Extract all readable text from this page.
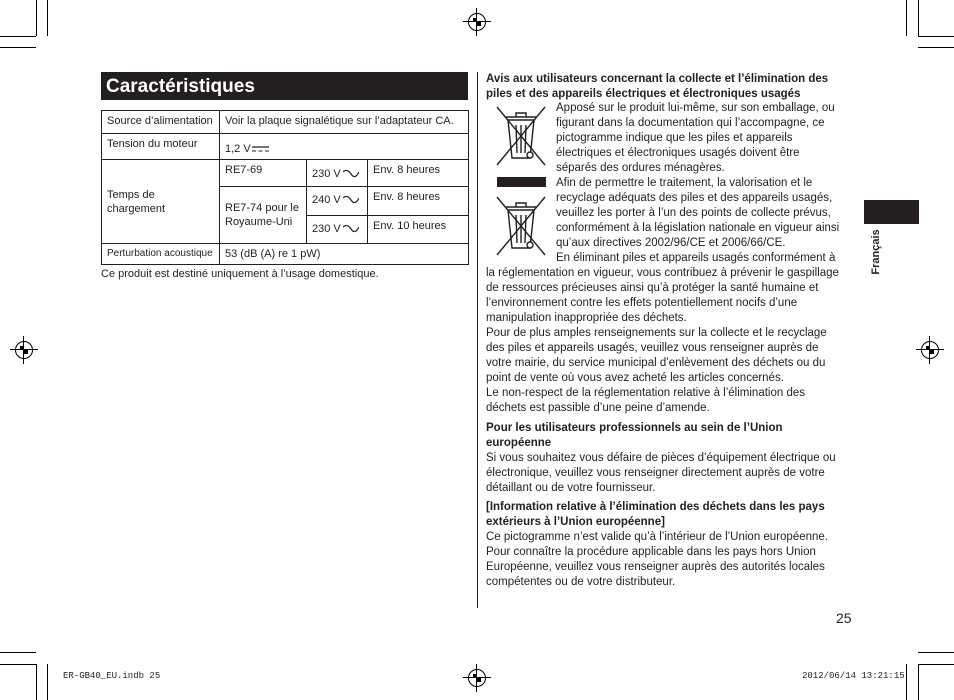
Caractéristiques
Source d’alimentation	Voir la plaque signalétique sur l’adaptateur CA.		
Tension du moteur	1,2 V		
Temps de chargement	RE7-69	230 V	Env. 8 heures
	RE7-74 pour le Royaume-Uni	240 V	Env. 8 heures
		230 V	Env. 10 heures
Perturbation acoustique	53 (dB (A) re 1 pW)		
Ce produit est destiné uniquement à l’usage domestique.
Avis aux utilisateurs concernant la collecte et l’élimination des
piles et des appareils électriques et électroniques usagés
Apposé sur le produit lui-même, sur son emballage, ou
figurant dans la documentation qui l’accompagne, ce
pictogramme indique que les piles et appareils
électriques et électroniques usagés doivent être
séparés des ordures ménagères.
Afin de permettre le traitement, la valorisation et le
recyclage adéquats des piles et des appareils usagés,
veuillez les porter à l’un des points de collecte prévus,
conformément à la législation nationale en vigueur ainsi
qu’aux directives 2002/96/CE et 2006/66/CE.
En éliminant piles et appareils usagés conformément à
la réglementation en vigueur, vous contribuez à prévenir le gaspillage
de ressources précieuses ainsi qu’à protéger la santé humaine et
l’environnement contre les effets potentiellement nocifs d’une
manipulation inappropriée des déchets.
Pour de plus amples renseignements sur la collecte et le recyclage
des piles et appareils usagés, veuillez vous renseigner auprès de
votre mairie, du service municipal d’enlèvement des déchets ou du
point de vente où vous avez acheté les articles concernés.
Le non-respect de la réglementation relative à l’élimination des
déchets est passible d’une peine d’amende.
Pour les utilisateurs professionnels au sein de l’Union
européenne
Si vous souhaitez vous défaire de pièces d’équipement électrique ou
électronique, veuillez vous renseigner directement auprès de votre
détaillant ou de votre fournisseur.
[Information relative à l’élimination des déchets dans les pays
extérieurs à l’Union européenne]
Ce pictogramme n’est valide qu’à l’intérieur de l’Union européenne.
Pour connaître la procédure applicable dans les pays hors Union
Européenne, veuillez vous renseigner auprès des autorités locales
compétentes ou de votre distributeur.
Français
25
ER-GB40_EU.indb 25	2012/06/14 13:21:15
